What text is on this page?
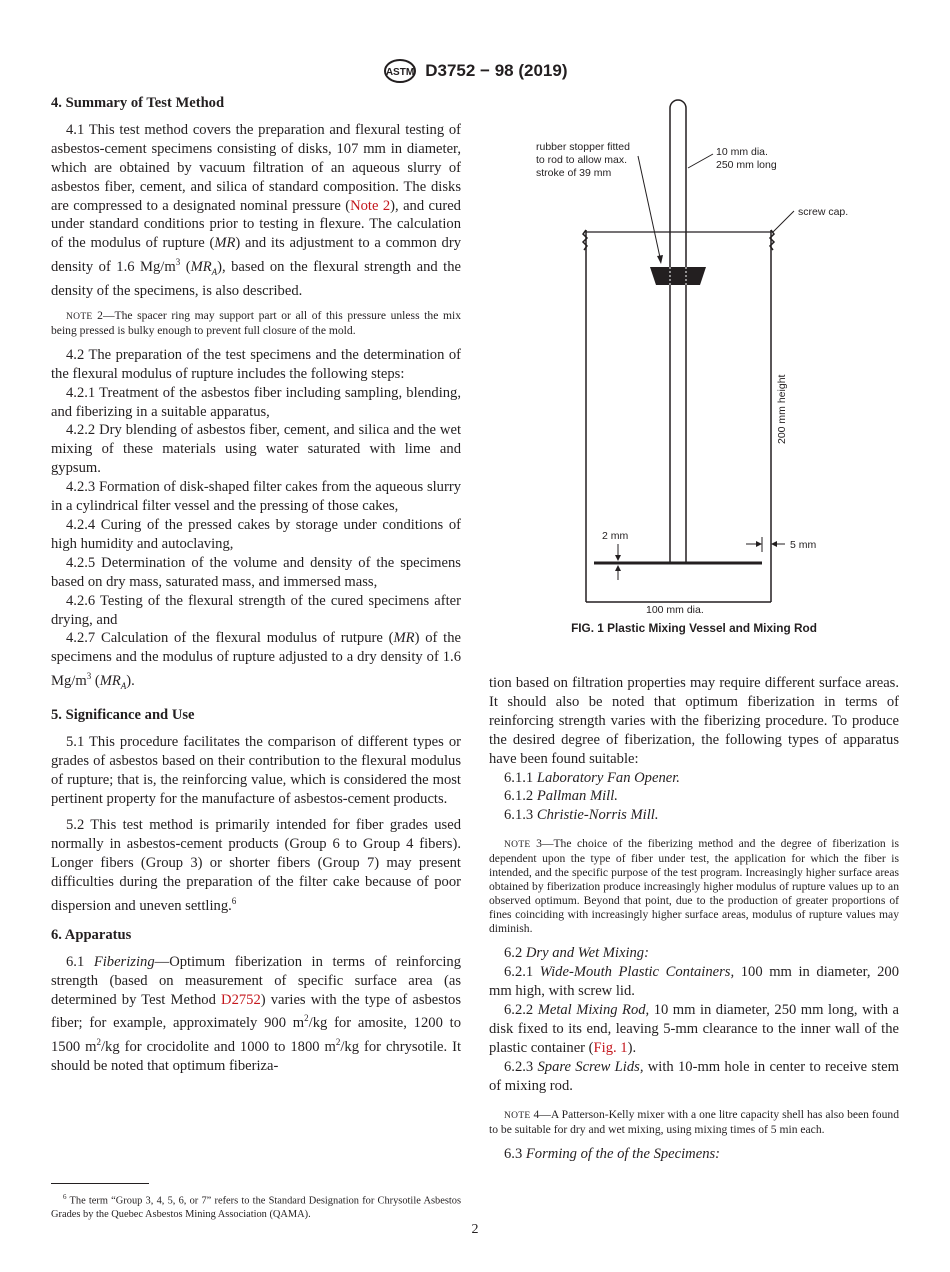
ASTM D3752 − 98 (2019)
4. Summary of Test Method

4.1 This test method covers the preparation and flexural testing of asbestos-cement specimens consisting of disks, 107 mm in diameter, which are obtained by vacuum filtration of an aqueous slurry of asbestos fiber, cement, and silica of standard composition. The disks are compressed to a designated nominal pressure (Note 2), and cured under standard conditions prior to testing in flexure. The calculation of the modulus of rupture (MR) and its adjustment to a common dry density of 1.6 $Mg/m^3$ $(MR_A)$, based on the flexural strength and the density of the specimens, is also described.

NOTE 2—The spacer ring may support part or all of this pressure unless the mix being pressed is bulky enough to prevent full closure of the mold.

4.2 The preparation of the test specimens and the determination of the flexural modulus of rupture includes the following steps:

4.2.1 Treatment of the asbestos fiber including sampling, blending, and fiberizing in a suitable apparatus,

4.2.2 Dry blending of asbestos fiber, cement, and silica and the wet mixing of these materials using water saturated with lime and gypsum.

4.2.3 Formation of disk-shaped filter cakes from the aqueous slurry in a cylindrical filter vessel and the pressing of those cakes,

4.2.4 Curing of the pressed cakes by storage under conditions of high humidity and autoclaving,

4.2.5 Determination of the volume and density of the specimens based on dry mass, saturated mass, and immersed mass,

4.2.6 Testing of the flexural strength of the cured specimens after drying, and

4.2.7 Calculation of the flexural modulus of rutpure (MR) of the specimens and the modulus of rupture adjusted to a dry density of 1.6 $Mg/m^3$ $(MR_A)$.

5. Significance and Use

5.1 This procedure facilitates the comparison of different types or grades of asbestos based on their contribution to the flexural modulus of rupture; that is, the reinforcing value, which is considered the most pertinent property for the manufacture of asbestos-cement products.

5.2 This test method is primarily intended for fiber grades used normally in asbestos-cement products (Group 6 to Group 4 fibers). Longer fibers (Group 3) or shorter fibers (Group 7) may present difficulties during the preparation of the filter cake because of poor dispersion and uneven settling.$^6$

6. Apparatus

6.1 Fiberizing—Optimum fiberization in terms of reinforcing strength (based on measurement of specific surface area (as determined by Test Method D2752) varies with the type of asbestos fiber; for example, approximately 900 $m^2/kg$ for amosite, 1200 to 1500 $m^2/kg$ for crocidolite and 1000 to 1800 $m^2/kg$ for chrysotile. It should be noted that optimum fiberiza-

$^6$ The term “Group 3, 4, 5, 6, or 7” refers to the Standard Designation for Chrysotile Asbestos Grades by the Quebec Asbestos Mining Association (QAMA).
rubber stopper fitted
to rod to allow max.
stroke of 39 mm
10 mm dia.
250 mm long
screw cap.
200 mm height
2 mm
5 mm
100 mm dia.
FIG. 1 Plastic Mixing Vessel and Mixing Rod

tion based on filtration properties may require different surface areas. It should also be noted that optimum fiberization in terms of reinforcing strength varies with the fiberizing procedure. To produce the desired degree of fiberization, the following types of apparatus have been found suitable:

6.1.1 Laboratory Fan Opener.

6.1.2 Pallman Mill.

6.1.3 Christie-Norris Mill.

NOTE 3—The choice of the fiberizing method and the degree of fiberization is dependent upon the type of fiber under test, the application for which the fiber is intended, and the specific purpose of the test program. Increasingly higher surface areas obtained by fiberization produce increasingly higher modulus of rupture values up to an observed optimum. Beyond that point, due to the production of greater proportions of fines coinciding with increasingly higher surface areas, modulus of rupture values may diminish.

6.2 Dry and Wet Mixing:

6.2.1 Wide-Mouth Plastic Containers, 100 mm in diameter, 200 mm high, with screw lid.

6.2.2 Metal Mixing Rod, 10 mm in diameter, 250 mm long, with a disk fixed to its end, leaving 5-mm clearance to the inner wall of the plastic container (Fig. 1).

6.2.3 Spare Screw Lids, with 10-mm hole in center to receive stem of mixing rod.

NOTE 4—A Patterson-Kelly mixer with a one litre capacity shell has also been found to be suitable for dry and wet mixing, using mixing times of 5 min each.

6.3 Forming of the of the Specimens:

2
